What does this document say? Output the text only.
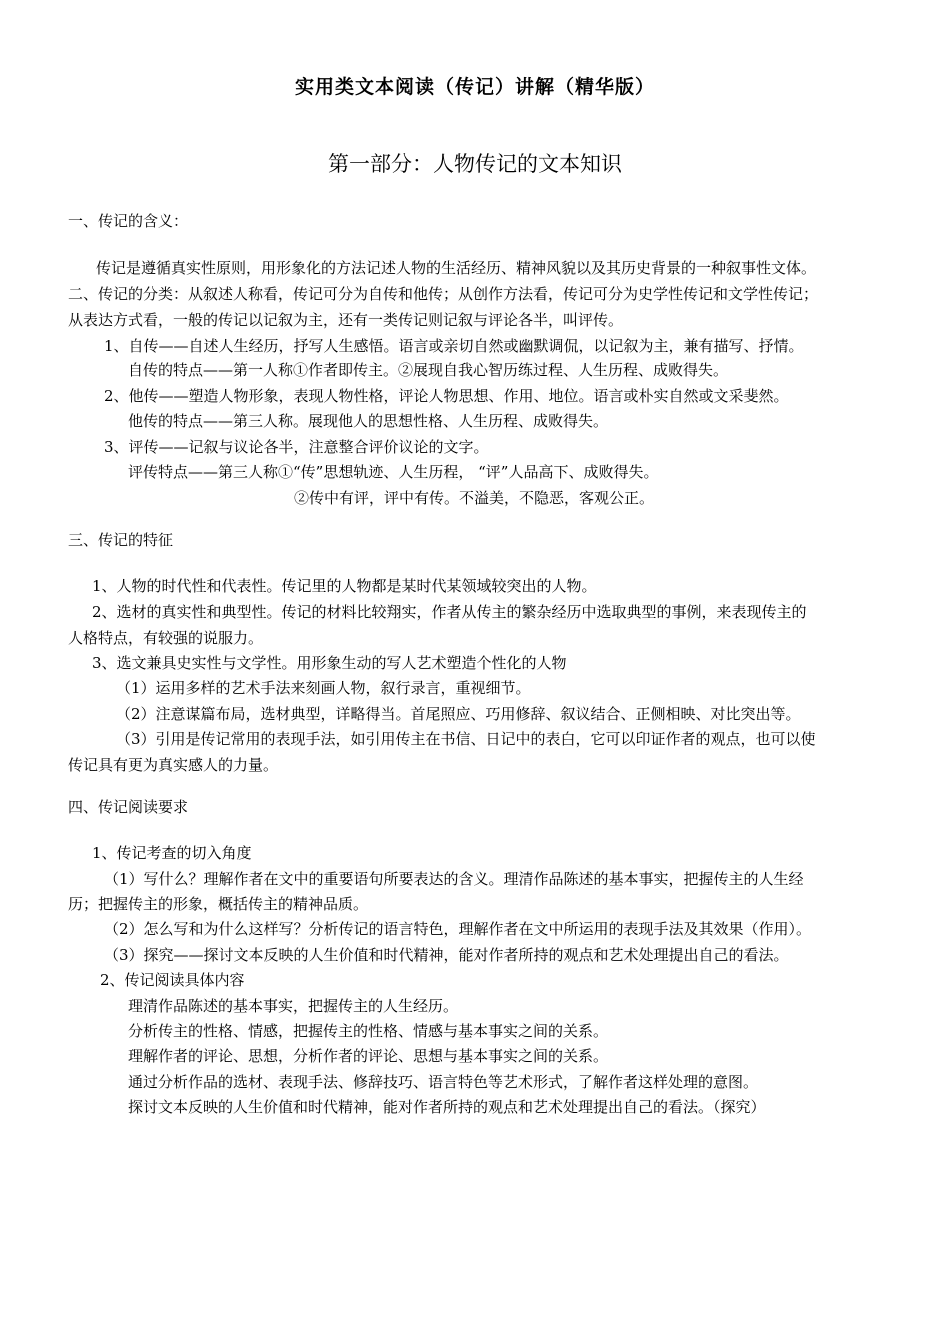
实用类文本阅读（传记）讲解（精华版）
第一部分：人物传记的文本知识
一、传记的含义：
传记是遵循真实性原则，用形象化的方法记述人物的生活经历、精神风貌以及其历史背景的一种叙事性文体。
二、传记的分类：从叙述人称看，传记可分为自传和他传；从创作方法看，传记可分为史学性传记和文学性传记；
从表达方式看，一般的传记以记叙为主，还有一类传记则记叙与评论各半，叫评传。
1、自传——自述人生经历，抒写人生感悟。语言或亲切自然或幽默调侃，以记叙为主，兼有描写、抒情。
自传的特点——第一人称①作者即传主。②展现自我心智历练过程、人生历程、成败得失。
2、他传——塑造人物形象，表现人物性格，评论人物思想、作用、地位。语言或朴实自然或文采斐然。
他传的特点——第三人称。展现他人的思想性格、人生历程、成败得失。
3、评传——记叙与议论各半，注意整合评价议论的文字。
评传特点——第三人称①“传”思想轨迹、人生历程， “评”人品高下、成败得失。
②传中有评，评中有传。不溢美，不隐恶，客观公正。
三、传记的特征
1、人物的时代性和代表性。传记里的人物都是某时代某领域较突出的人物。
2、选材的真实性和典型性。传记的材料比较翔实，作者从传主的繁杂经历中选取典型的事例，来表现传主的
人格特点，有较强的说服力。
3、选文兼具史实性与文学性。用形象生动的写人艺术塑造个性化的人物
（1）运用多样的艺术手法来刻画人物，叙行录言，重视细节。
（2）注意谋篇布局，选材典型，详略得当。首尾照应、巧用修辞、叙议结合、正侧相映、对比突出等。
（3）引用是传记常用的表现手法，如引用传主在书信、日记中的表白，它可以印证作者的观点，也可以使
传记具有更为真实感人的力量。
四、传记阅读要求
1、传记考查的切入角度
（1）写什么？理解作者在文中的重要语句所要表达的含义。理清作品陈述的基本事实，把握传主的人生经
历；把握传主的形象，概括传主的精神品质。
（2）怎么写和为什么这样写？分析传记的语言特色，理解作者在文中所运用的表现手法及其效果（作用）。
（3）探究——探讨文本反映的人生价值和时代精神，能对作者所持的观点和艺术处理提出自己的看法。
2、传记阅读具体内容
理清作品陈述的基本事实，把握传主的人生经历。
分析传主的性格、情感，把握传主的性格、情感与基本事实之间的关系。
理解作者的评论、思想，分析作者的评论、思想与基本事实之间的关系。
通过分析作品的选材、表现手法、修辞技巧、语言特色等艺术形式，了解作者这样处理的意图。
探讨文本反映的人生价值和时代精神，能对作者所持的观点和艺术处理提出自己的看法。（探究）
